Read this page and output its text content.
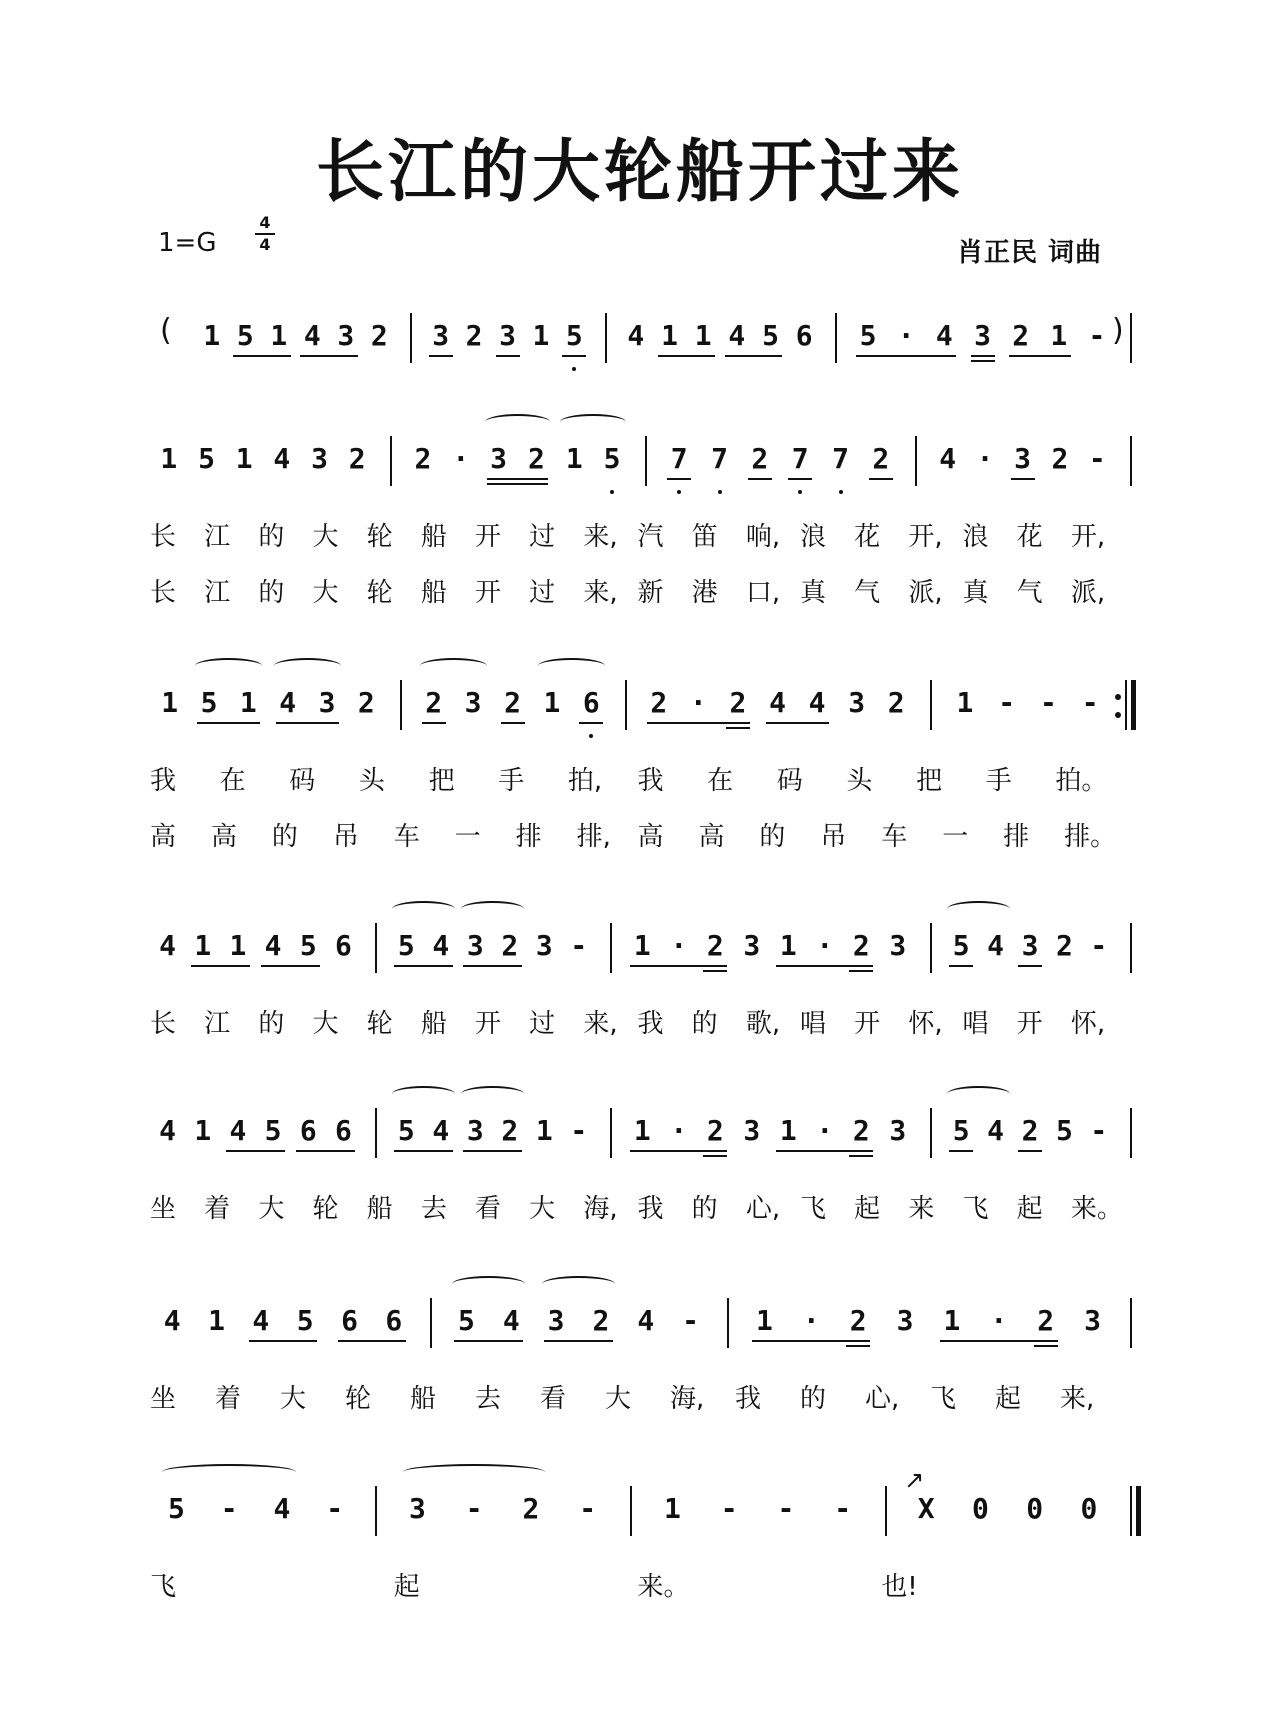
长江的大轮船开过来
1=G
4
4	肖正民 词曲
( 1 5 1 4 3 2 3 2 3 1 5 4 1 1 4 5 6 5 · 4 3 2 1 - )
1 5 1 4 3 2 2 · 3 2 1 5 7 7 2 7 7 2 4 · 3 2 -
长 江 的 大 轮 船 开 过 来, 汽 笛 响, 浪 花 开, 浪 花 开,
长 江 的 大 轮 船 开 过 来, 新 港 口, 真 气 派, 真 气 派,
1 5 1 4 3 2 2 3 2 1 6 2 · 2 4 4 3 2 1 - - -
我 在 码 头 把 手 拍, 我 在 码 头 把 手 拍。
高 高 的 吊 车 一 排 排, 高 高 的 吊 车 一 排 排。
4 1 1 4 5 6 5 4 3 2 3 - 1 · 2 3 1 · 2 3 5 4 3 2 -
长 江 的 大 轮 船 开 过 来, 我 的 歌, 唱 开 怀, 唱 开 怀,
4 1 4 5 6 6 5 4 3 2 1 - 1 · 2 3 1 · 2 3 5 4 2 5 -
坐 着 大 轮 船 去 看 大 海, 我 的 心, 飞 起 来 飞 起 来。
4 1 4 5 6 6 5 4 3 2 4 - 1 · 2 3 1 · 2 3
坐 着 大 轮 船 去 看 大 海, 我 的 心, 飞 起 来,
5 - 4 - 3 - 2 - 1 - - - X 0 0 0
↗
飞	起	来。	也!
